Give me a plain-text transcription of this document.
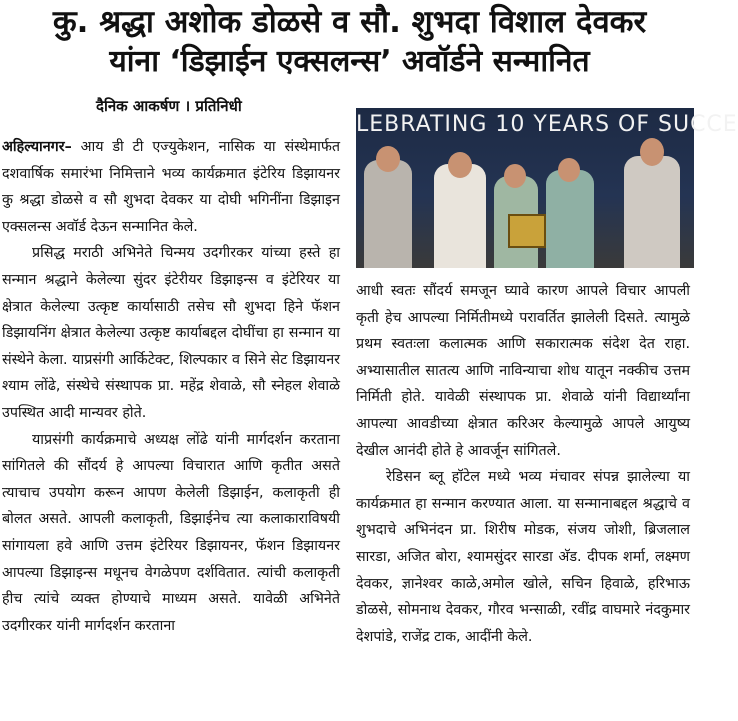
कु. श्रद्धा अशोक डोळसे व सौ. शुभदा विशाल देवकर
यांना ‘डिझाईन एक्सलन्स’ अवॉर्डने सन्मानित
दैनिक आकर्षण । प्रतिनिधी
LEBRATING 10 YEARS OF SUCCE

अहिल्यानगर– आय डी टी एज्युकेशन, नासिक या संस्थेमार्फत दशवार्षिक समारंभा निमित्ताने भव्य कार्यक्रमात इंटेरिय डिझायनर कु श्रद्धा डोळसे व सौ शुभदा देवकर या दोघी भगिनींना डिझाइन एक्सलन्स अवॉर्ड देऊन सन्मानित केले.

प्रसिद्ध मराठी अभिनेते चिन्मय उदगीरकर यांच्या हस्ते हा सन्मान श्रद्धाने केलेल्या सुंदर इंटेरीयर डिझाइन्स व इंटेरियर या क्षेत्रात केलेल्या उत्कृष्ट कार्यासाठी तसेच सौ शुभदा हिने फॅशन डिझायनिंग क्षेत्रात केलेल्या उत्कृष्ट कार्याबद्दल दोघींचा हा सन्मान या संस्थेने केला. याप्रसंगी आर्किटेक्ट, शिल्पकार व सिने सेट डिझायनर श्याम लोंढे, संस्थेचे संस्थापक प्रा. महेंद्र शेवाळे, सौ स्नेहल शेवाळे उपस्थित आदी मान्यवर होते.

याप्रसंगी कार्यक्रमाचे अध्यक्ष लोंढे यांनी मार्गदर्शन करताना सांगितले की सौंदर्य हे आपल्या विचारात आणि कृतीत असते त्याचाच उपयोग करून आपण केलेली डिझाईन, कलाकृती ही बोलत असते. आपली कलाकृती, डिझाईनेच त्या कलाकाराविषयी सांगायला हवे आणि उत्तम इंटेरियर डिझायनर, फॅशन डिझायनर आपल्या डिझाइन्स मधूनच वेगळेपण दर्शवितात. त्यांची कलाकृती हीच त्यांचे व्यक्त होण्याचे माध्यम असते. यावेळी अभिनेते उदगीरकर यांनी मार्गदर्शन करताना

आधी स्वतः सौंदर्य समजून घ्यावे कारण आपले विचार आपली कृती हेच आपल्या निर्मितीमध्ये परावर्तित झालेली दिसते. त्यामुळे प्रथम स्वतःला कलात्मक आणि सकारात्मक संदेश देत राहा. अभ्यासातील सातत्य आणि नाविन्याचा शोध यातून नक्कीच उत्तम निर्मिती होते. यावेळी संस्थापक प्रा. शेवाळे यांनी विद्यार्थ्यांना आपल्या आवडीच्या क्षेत्रात करिअर केल्यामुळे आपले आयुष्य देखील आनंदी होते हे आवर्जून सांगितले.

रेडिसन ब्लू हॉटेल मध्ये भव्य मंचावर संपन्न झालेल्या या कार्यक्रमात हा सन्मान करण्यात आला. या सन्मानाबद्दल श्रद्धाचे व शुभदाचे अभिनंदन प्रा. शिरीष मोडक, संजय जोशी, ब्रिजलाल सारडा, अजित बोरा, श्यामसुंदर सारडा अ‍ॅड. दीपक शर्मा, लक्ष्मण देवकर, ज्ञानेश्वर काळे,अमोल खोले, सचिन हिवाळे, हरिभाऊ डोळसे, सोमनाथ देवकर, गौरव भन्साळी, रवींद्र वाघमारे नंदकुमार देशपांडे, राजेंद्र टाक, आदींनी केले.
